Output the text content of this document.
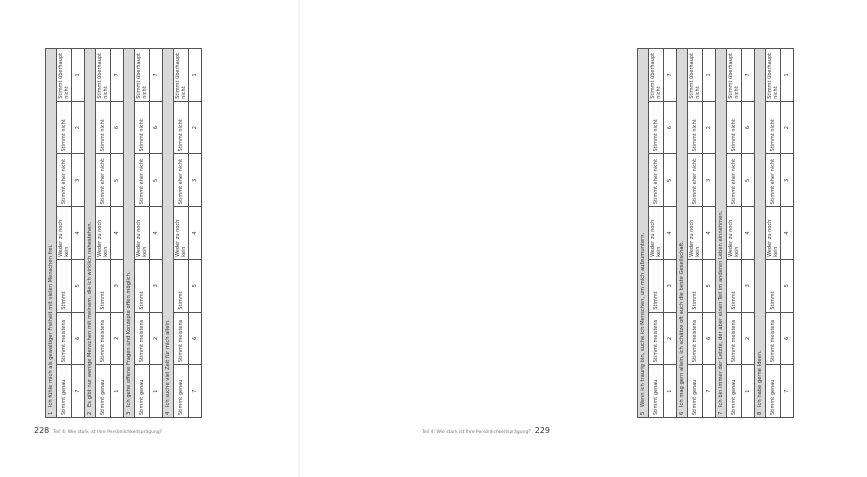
1Ich fühle mich als gewaltiger Freiheit mit vielen Menschen frei.						
Stimmt genau	Stimmt meistens	Stimmt	Weder zu noch kein	Stimmt eher nicht	Stimmt nicht	Stimmt überhaupt nicht
7	6	5	4	3	2	1
2Es gibt nur wenige Menschen mit meinem, die ich wirklich nahestehen.						
Stimmt genau	Stimmt meistens	Stimmt	Weder zu noch kein	Stimmt eher nicht	Stimmt nicht	Stimmt überhaupt nicht
1	2	3	4	5	6	7
3Ich gehe offene Fragen und Konzepte offen möglich.						
Stimmt genau	Stimmt meistens	Stimmt	Weder zu noch kein	Stimmt eher nicht	Stimmt nicht	Stimmt überhaupt nicht
1	2	3	4	5	6	7
4Ich suche viel Zeit für mich allein.						
Stimmt genau	Stimmt meistens	Stimmt	Weder zu noch kein	Stimmt eher nicht	Stimmt nicht	Stimmt überhaupt nicht
7	6	5	4	3	2	1
228 Teil 4: Wie stark ist Ihre Persönlichkeitsprägung?
5Wenn ich traurig bin, suche ich Menschen, um mich aufzumuntern.						
Stimmt genau	Stimmt meistens	Stimmt	Weder zu noch kein	Stimmt eher nicht	Stimmt nicht	Stimmt überhaupt nicht
1	2	3	4	5	6	7
6Ich mag gern allein, ich schätze oft auch die beste Gesellschaft.						
Stimmt genau	Stimmt meistens	Stimmt	Weder zu noch kein	Stimmt eher nicht	Stimmt nicht	Stimmt überhaupt nicht
7	6	5	4	3	2	1
7Ich bin immer der Letzte, der aber einen Teil im anderen Leben einnehmen.						
Stimmt genau	Stimmt meistens	Stimmt	Weder zu noch kein	Stimmt eher nicht	Stimmt nicht	Stimmt überhaupt nicht
1	2	3	4	5	6	7
8Ich habe gerne Ideen.						
Stimmt genau	Stimmt meistens	Stimmt	Weder zu noch kein	Stimmt eher nicht	Stimmt nicht	Stimmt überhaupt nicht
7	6	5	4	3	2	1
Teil 4: Wie stark ist Ihre Persönlichkeitsprägung? 229
